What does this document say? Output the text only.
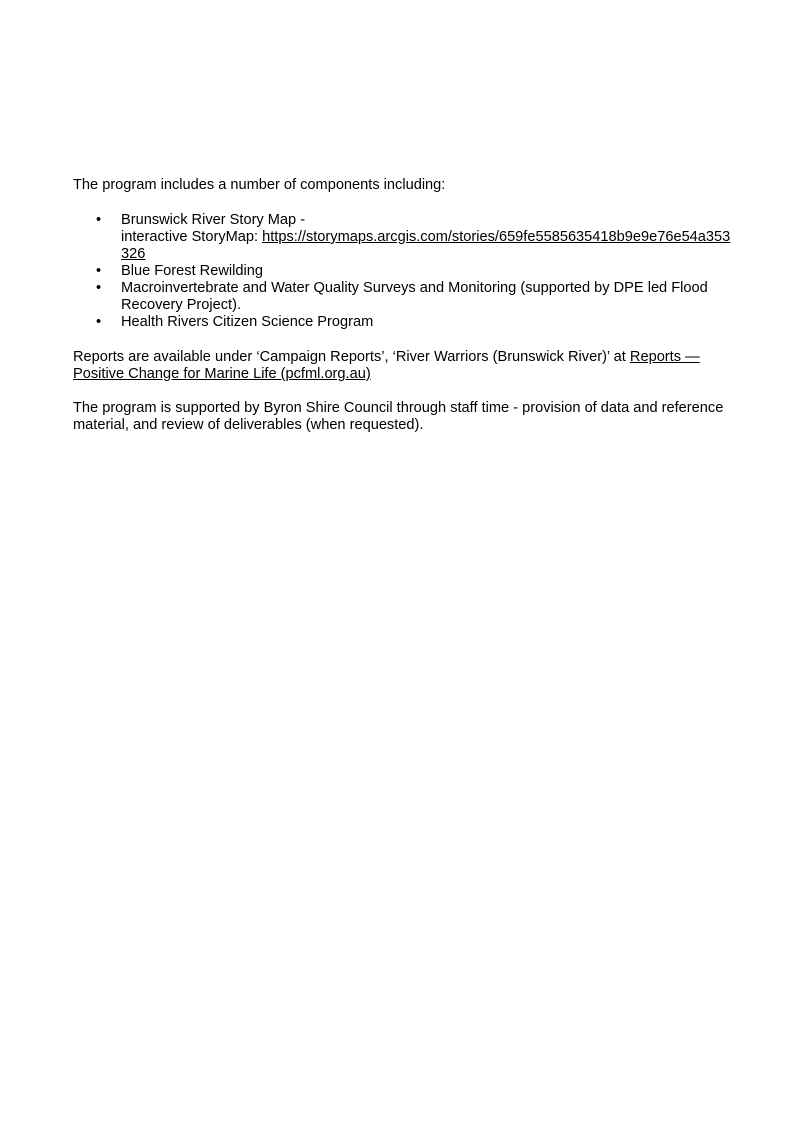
The program includes a number of components including:

• Brunswick River Story Map -
interactive StoryMap: https://storymaps.arcgis.com/stories/659fe5585635418b9e9e76e54a353326
• Blue Forest Rewilding
• Macroinvertebrate and Water Quality Surveys and Monitoring (supported by DPE led Flood Recovery Project).
• Health Rivers Citizen Science Program

Reports are available under ‘Campaign Reports’, ‘River Warriors (Brunswick River)’ at Reports — Positive Change for Marine Life (pcfml.org.au)

The program is supported by Byron Shire Council through staff time - provision of data and reference material, and review of deliverables (when requested).
